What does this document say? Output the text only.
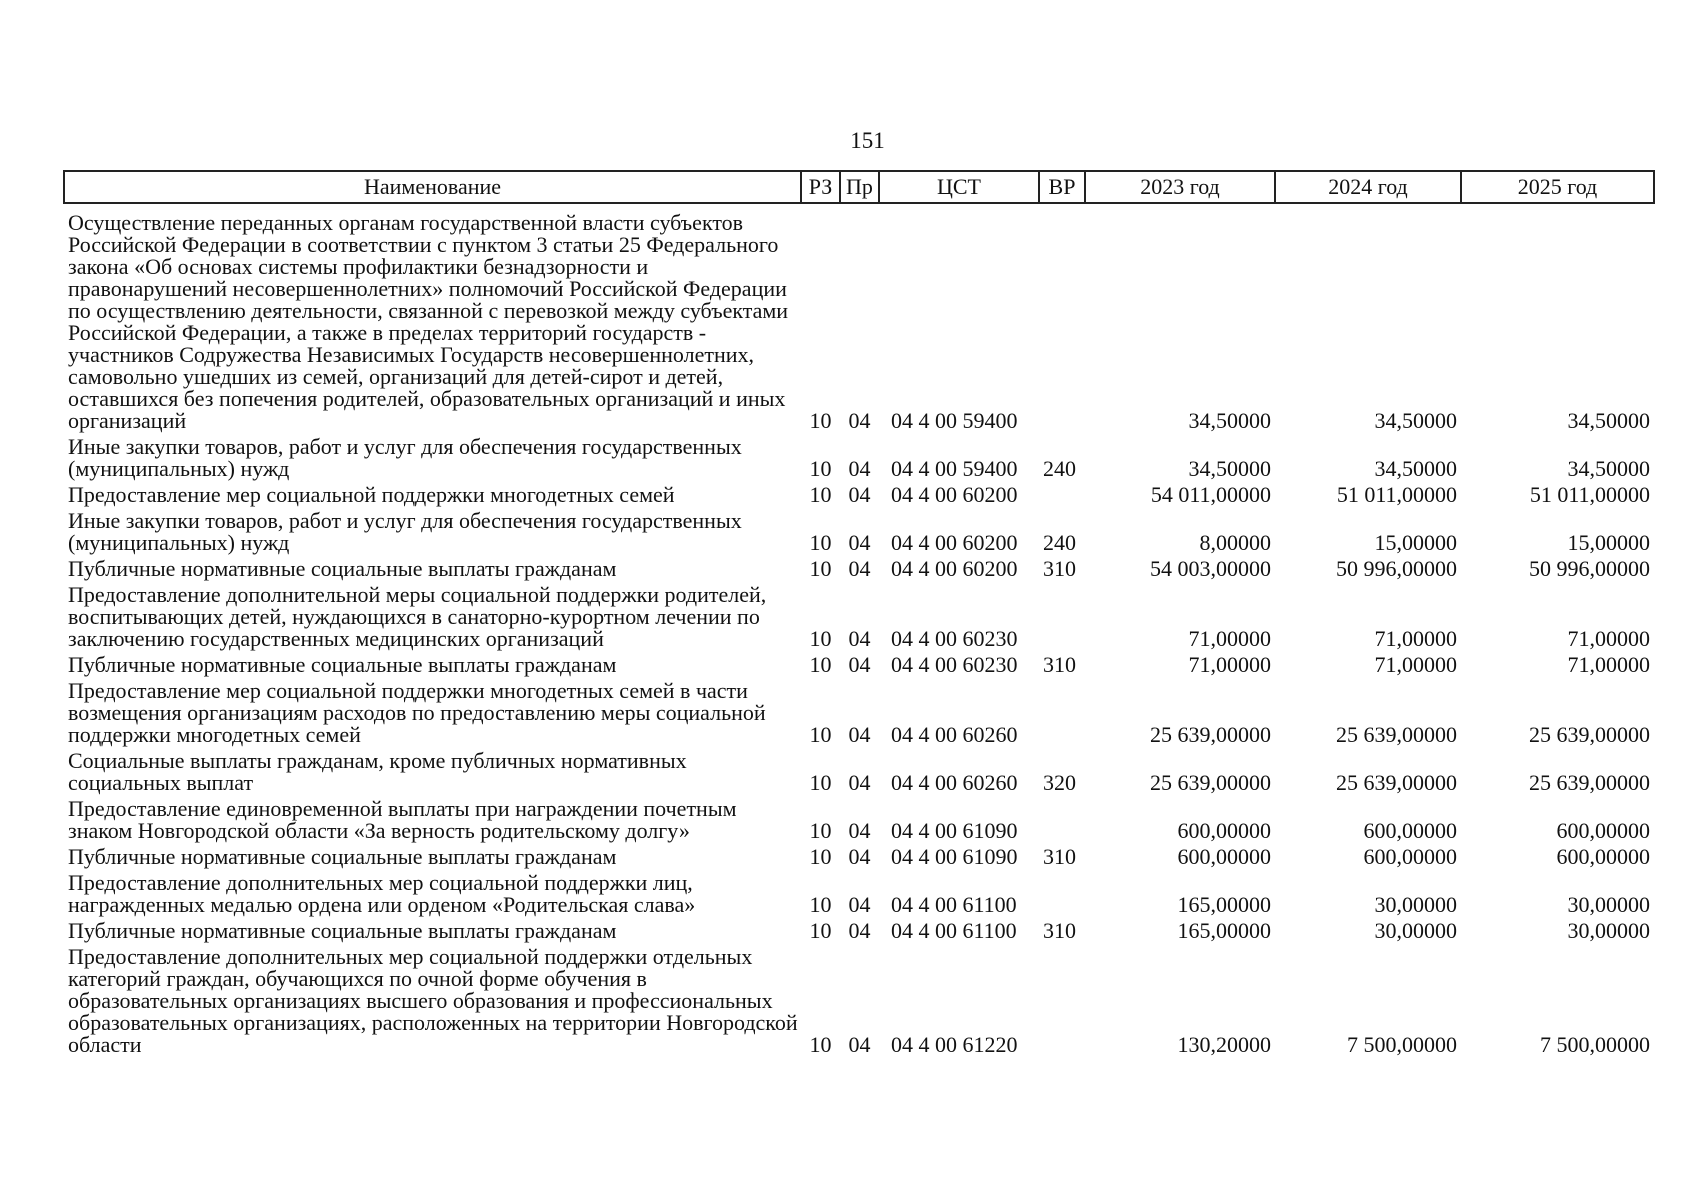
151
Наименование	РЗ	Пр	ЦСТ	ВР	2023 год	2024 год	2025 год
Осуществление переданных органам государственной власти субъектов Российской Федерации в соответствии с пунктом 3 статьи 25 Федерального закона «Об основах системы профилактики безнадзорности и правонарушений несовершеннолетних» полномочий Российской Федерации по осуществлению деятельности, связанной с перевозкой между субъектами Российской Федерации, а также в пределах территорий государств - участников Содружества Независимых Государств несовершеннолетних, самовольно ушедших из семей, организаций для детей-сирот и детей, оставшихся без попечения родителей, образовательных организаций и иных организаций	10	04	04 4 00 59400		34,50000	34,50000	34,50000
Иные закупки товаров, работ и услуг для обеспечения государственных (муниципальных) нужд	10	04	04 4 00 59400	240	34,50000	34,50000	34,50000
Предоставление мер социальной поддержки многодетных семей	10	04	04 4 00 60200		54 011,00000	51 011,00000	51 011,00000
Иные закупки товаров, работ и услуг для обеспечения государственных (муниципальных) нужд	10	04	04 4 00 60200	240	8,00000	15,00000	15,00000
Публичные нормативные социальные выплаты гражданам	10	04	04 4 00 60200	310	54 003,00000	50 996,00000	50 996,00000
Предоставление дополнительной меры социальной поддержки родителей, воспитывающих детей, нуждающихся в санаторно-курортном лечении по заключению государственных медицинских организаций	10	04	04 4 00 60230		71,00000	71,00000	71,00000
Публичные нормативные социальные выплаты гражданам	10	04	04 4 00 60230	310	71,00000	71,00000	71,00000
Предоставление мер социальной поддержки многодетных семей в части возмещения организациям расходов по предоставлению меры социальной поддержки многодетных семей	10	04	04 4 00 60260		25 639,00000	25 639,00000	25 639,00000
Социальные выплаты гражданам, кроме публичных нормативных социальных выплат	10	04	04 4 00 60260	320	25 639,00000	25 639,00000	25 639,00000
Предоставление единовременной выплаты при награждении почетным знаком Новгородской области «За верность родительскому долгу»	10	04	04 4 00 61090		600,00000	600,00000	600,00000
Публичные нормативные социальные выплаты гражданам	10	04	04 4 00 61090	310	600,00000	600,00000	600,00000
Предоставление дополнительных мер социальной поддержки лиц, награжденных медалью ордена или орденом «Родительская слава»	10	04	04 4 00 61100		165,00000	30,00000	30,00000
Публичные нормативные социальные выплаты гражданам	10	04	04 4 00 61100	310	165,00000	30,00000	30,00000
Предоставление дополнительных мер социальной поддержки отдельных категорий граждан, обучающихся по очной форме обучения в образовательных организациях высшего образования и профессиональных образовательных организациях, расположенных на территории Новгородской области	10	04	04 4 00 61220		130,20000	7 500,00000	7 500,00000
